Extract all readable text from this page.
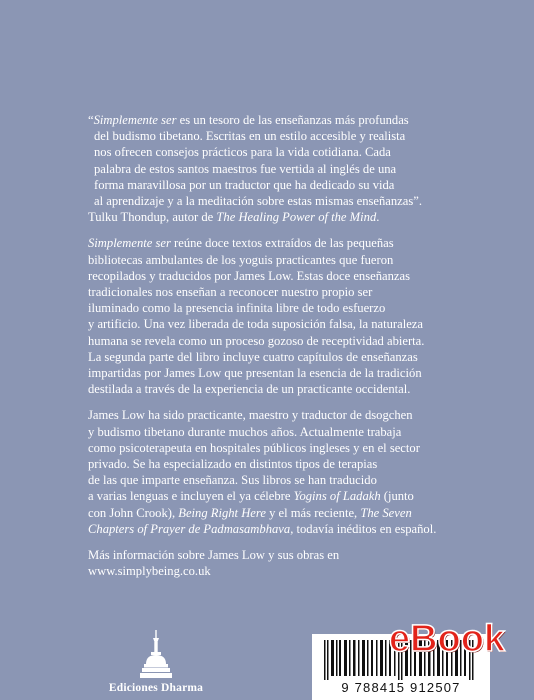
“Simplemente ser es un tesoro de las enseñanzas más profundas
del budismo tibetano. Escritas en un estilo accesible y realista
nos ofrecen consejos prácticos para la vida cotidiana. Cada
palabra de estos santos maestros fue vertida al inglés de una
forma maravillosa por un traductor que ha dedicado su vida
al aprendizaje y a la meditación sobre estas mismas enseñanzas”.
Tulku Thondup, autor de The Healing Power of the Mind.

Simplemente ser reúne doce textos extraídos de las pequeñas
bibliotecas ambulantes de los yoguis practicantes que fueron
recopilados y traducidos por James Low. Estas doce enseñanzas
tradicionales nos enseñan a reconocer nuestro propio ser
iluminado como la presencia infinita libre de todo esfuerzo
y artificio. Una vez liberada de toda suposición falsa, la naturaleza
humana se revela como un proceso gozoso de receptividad abierta.
La segunda parte del libro incluye cuatro capítulos de enseñanzas
impartidas por James Low que presentan la esencia de la tradición
destilada a través de la experiencia de un practicante occidental.

James Low ha sido practicante, maestro y traductor de dsogchen
y budismo tibetano durante muchos años. Actualmente trabaja
como psicoterapeuta en hospitales públicos ingleses y en el sector
privado. Se ha especializado en distintos tipos de terapias
de las que imparte enseñanza. Sus libros se han traducido
a varias lenguas e incluyen el ya célebre Yogins of Ladakh (junto
con John Crook), Being Right Here y el más reciente, The Seven
Chapters of Prayer de Padmasambhava, todavía inéditos en español.

Más información sobre James Low y sus obras en
www.simplybeing.co.uk

Ediciones Dharma	9 788415 912507
eBook
